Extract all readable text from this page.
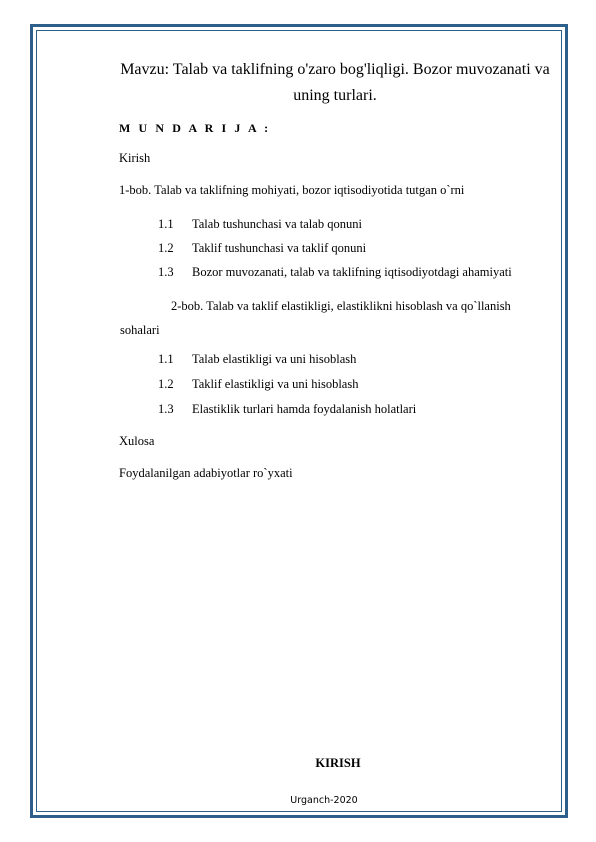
Mavzu: Talab va taklifning o'zaro bog'liqligi. Bozor muvozanati va
uning turlari.
M U N D A R I J A :
Kirish
1-bob. Talab va taklifning mohiyati, bozor iqtisodiyotida tutgan o`rni
1.1 Talab tushunchasi va talab qonuni
1.2 Taklif tushunchasi va taklif qonuni
1.3 Bozor muvozanati, talab va taklifning iqtisodiyotdagi ahamiyati
2-bob. Talab va taklif elastikligi, elastiklikni hisoblash va qo`llanish
sohalari
1.1 Talab elastikligi va uni hisoblash
1.2 Taklif elastikligi va uni hisoblash
1.3 Elastiklik turlari hamda foydalanish holatlari
Xulosa
Foydalanilgan adabiyotlar ro`yxati
KIRISH
Urganch-2020
